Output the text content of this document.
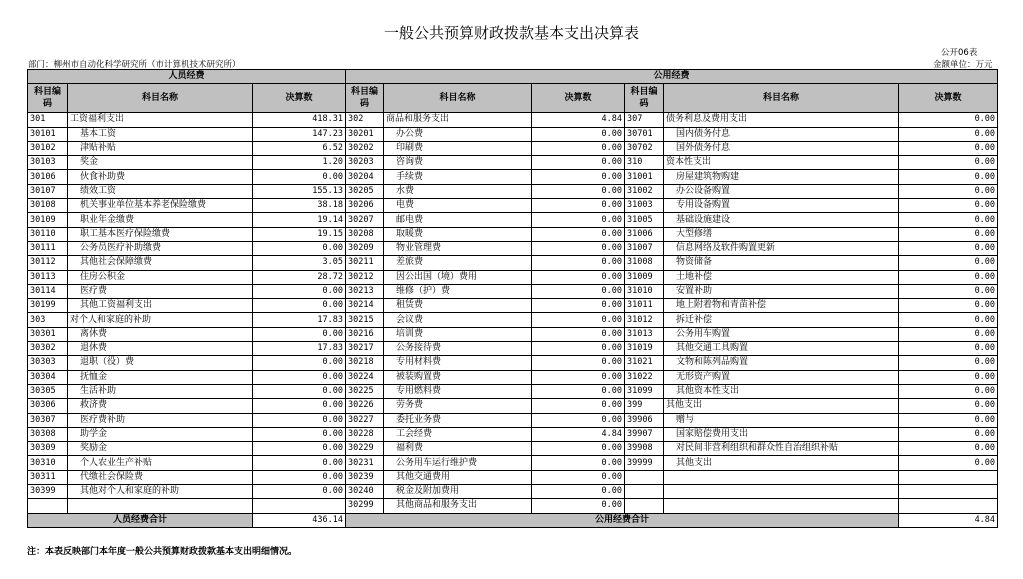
一般公共预算财政拨款基本支出决算表
公开06表
部门：柳州市自动化科学研究所（市计算机技术研究所）	金额单位：万元
人员经费			公用经费					
科目编码	科目名称	决算数	科目编码	科目名称	决算数	科目编码	科目名称	决算数
301	工资福利支出	418.31	302	商品和服务支出	4.84	307	债务利息及费用支出	0.00
30101	基本工资	147.23	30201	办公费	0.00	30701	国内债务付息	0.00
30102	津贴补贴	6.52	30202	印刷费	0.00	30702	国外债务付息	0.00
30103	奖金	1.20	30203	咨询费	0.00	310	资本性支出	0.00
30106	伙食补助费	0.00	30204	手续费	0.00	31001	房屋建筑物购建	0.00
30107	绩效工资	155.13	30205	水费	0.00	31002	办公设备购置	0.00
30108	机关事业单位基本养老保险缴费	38.18	30206	电费	0.00	31003	专用设备购置	0.00
30109	职业年金缴费	19.14	30207	邮电费	0.00	31005	基础设施建设	0.00
30110	职工基本医疗保险缴费	19.15	30208	取暖费	0.00	31006	大型修缮	0.00
30111	公务员医疗补助缴费	0.00	30209	物业管理费	0.00	31007	信息网络及软件购置更新	0.00
30112	其他社会保障缴费	3.05	30211	差旅费	0.00	31008	物资储备	0.00
30113	住房公积金	28.72	30212	因公出国（境）费用	0.00	31009	土地补偿	0.00
30114	医疗费	0.00	30213	维修（护）费	0.00	31010	安置补助	0.00
30199	其他工资福利支出	0.00	30214	租赁费	0.00	31011	地上附着物和青苗补偿	0.00
303	对个人和家庭的补助	17.83	30215	会议费	0.00	31012	拆迁补偿	0.00
30301	离休费	0.00	30216	培训费	0.00	31013	公务用车购置	0.00
30302	退休费	17.83	30217	公务接待费	0.00	31019	其他交通工具购置	0.00
30303	退职（役）费	0.00	30218	专用材料费	0.00	31021	文物和陈列品购置	0.00
30304	抚恤金	0.00	30224	被装购置费	0.00	31022	无形资产购置	0.00
30305	生活补助	0.00	30225	专用燃料费	0.00	31099	其他资本性支出	0.00
30306	救济费	0.00	30226	劳务费	0.00	399	其他支出	0.00
30307	医疗费补助	0.00	30227	委托业务费	0.00	39906	赠与	0.00
30308	助学金	0.00	30228	工会经费	4.84	39907	国家赔偿费用支出	0.00
30309	奖励金	0.00	30229	福利费	0.00	39908	对民间非营利组织和群众性自治组织补贴	0.00
30310	个人农业生产补贴	0.00	30231	公务用车运行维护费	0.00	39999	其他支出	0.00
30311	代缴社会保险费	0.00	30239	其他交通费用	0.00			
30399	其他对个人和家庭的补助	0.00	30240	税金及附加费用	0.00			
			30299	其他商品和服务支出	0.00			
人员经费合计		436.14	公用经费合计					4.84
注：本表反映部门本年度一般公共预算财政拨款基本支出明细情况。
